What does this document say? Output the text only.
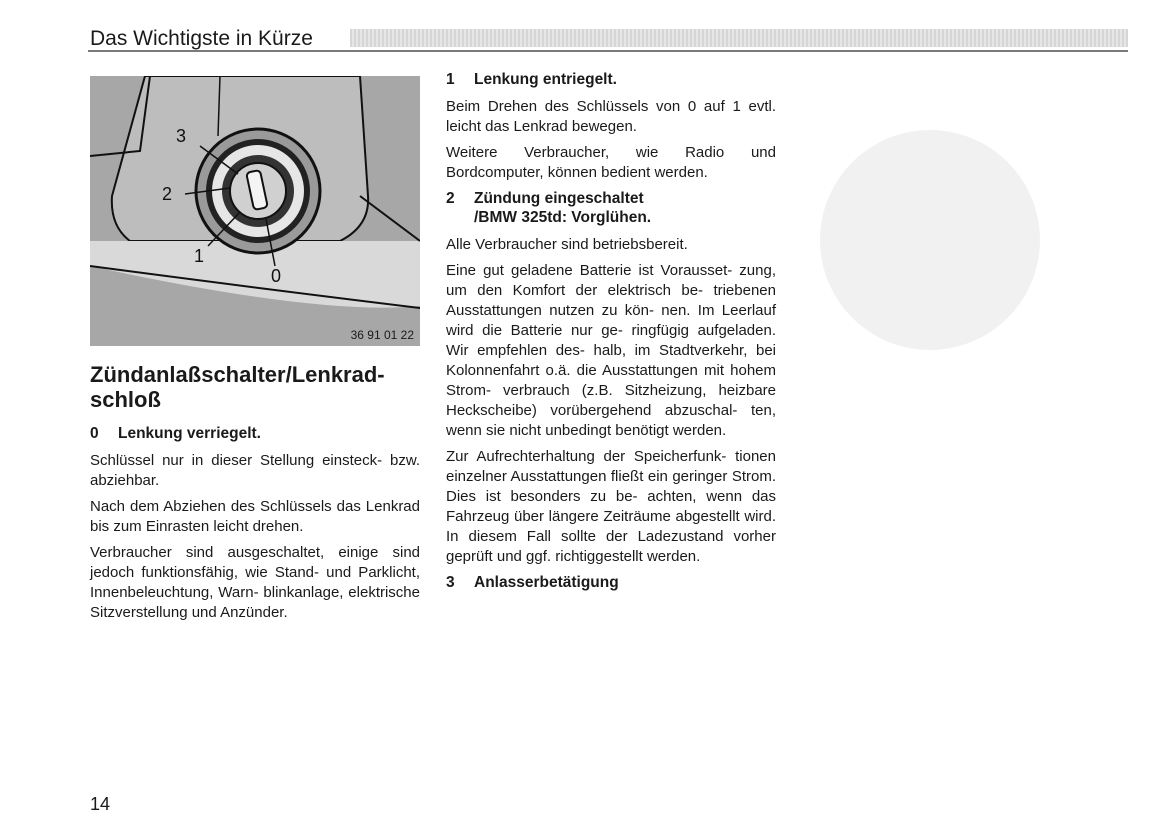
Das Wichtigste in Kürze
3
2
1
0
36 91 01 22
Zündanlaßschalter/Lenkrad-
schloß
0	Lenkung verriegelt.

Schlüssel nur in dieser Stellung einsteck- bzw. abziehbar.

Nach dem Abziehen des Schlüssels das Lenkrad bis zum Einrasten leicht drehen.

Verbraucher sind ausgeschaltet, einige sind jedoch funktionsfähig, wie Stand- und Parklicht, Innenbeleuchtung, Warn- blinkanlage, elektrische Sitzverstellung und Anzünder.

1	Lenkung entriegelt.

Beim Drehen des Schlüssels von 0 auf 1 evtl. leicht das Lenkrad bewegen.

Weitere Verbraucher, wie Radio und Bordcomputer, können bedient werden.

2	Zündung eingeschaltet
/BMW 325td: Vorglühen.

Alle Verbraucher sind betriebsbereit.

Eine gut geladene Batterie ist Vorausset- zung, um den Komfort der elektrisch be- triebenen Ausstattungen nutzen zu kön- nen. Im Leerlauf wird die Batterie nur ge- ringfügig aufgeladen. Wir empfehlen des- halb, im Stadtverkehr, bei Kolonnenfahrt o.ä. die Ausstattungen mit hohem Strom- verbrauch (z.B. Sitzheizung, heizbare Heckscheibe) vorübergehend abzuschal- ten, wenn sie nicht unbedingt benötigt werden.

Zur Aufrechterhaltung der Speicherfunk- tionen einzelner Ausstattungen fließt ein geringer Strom. Dies ist besonders zu be- achten, wenn das Fahrzeug über längere Zeiträume abgestellt wird. In diesem Fall sollte der Ladezustand vorher geprüft und ggf. richtiggestellt werden.

3	Anlasserbetätigung
14
